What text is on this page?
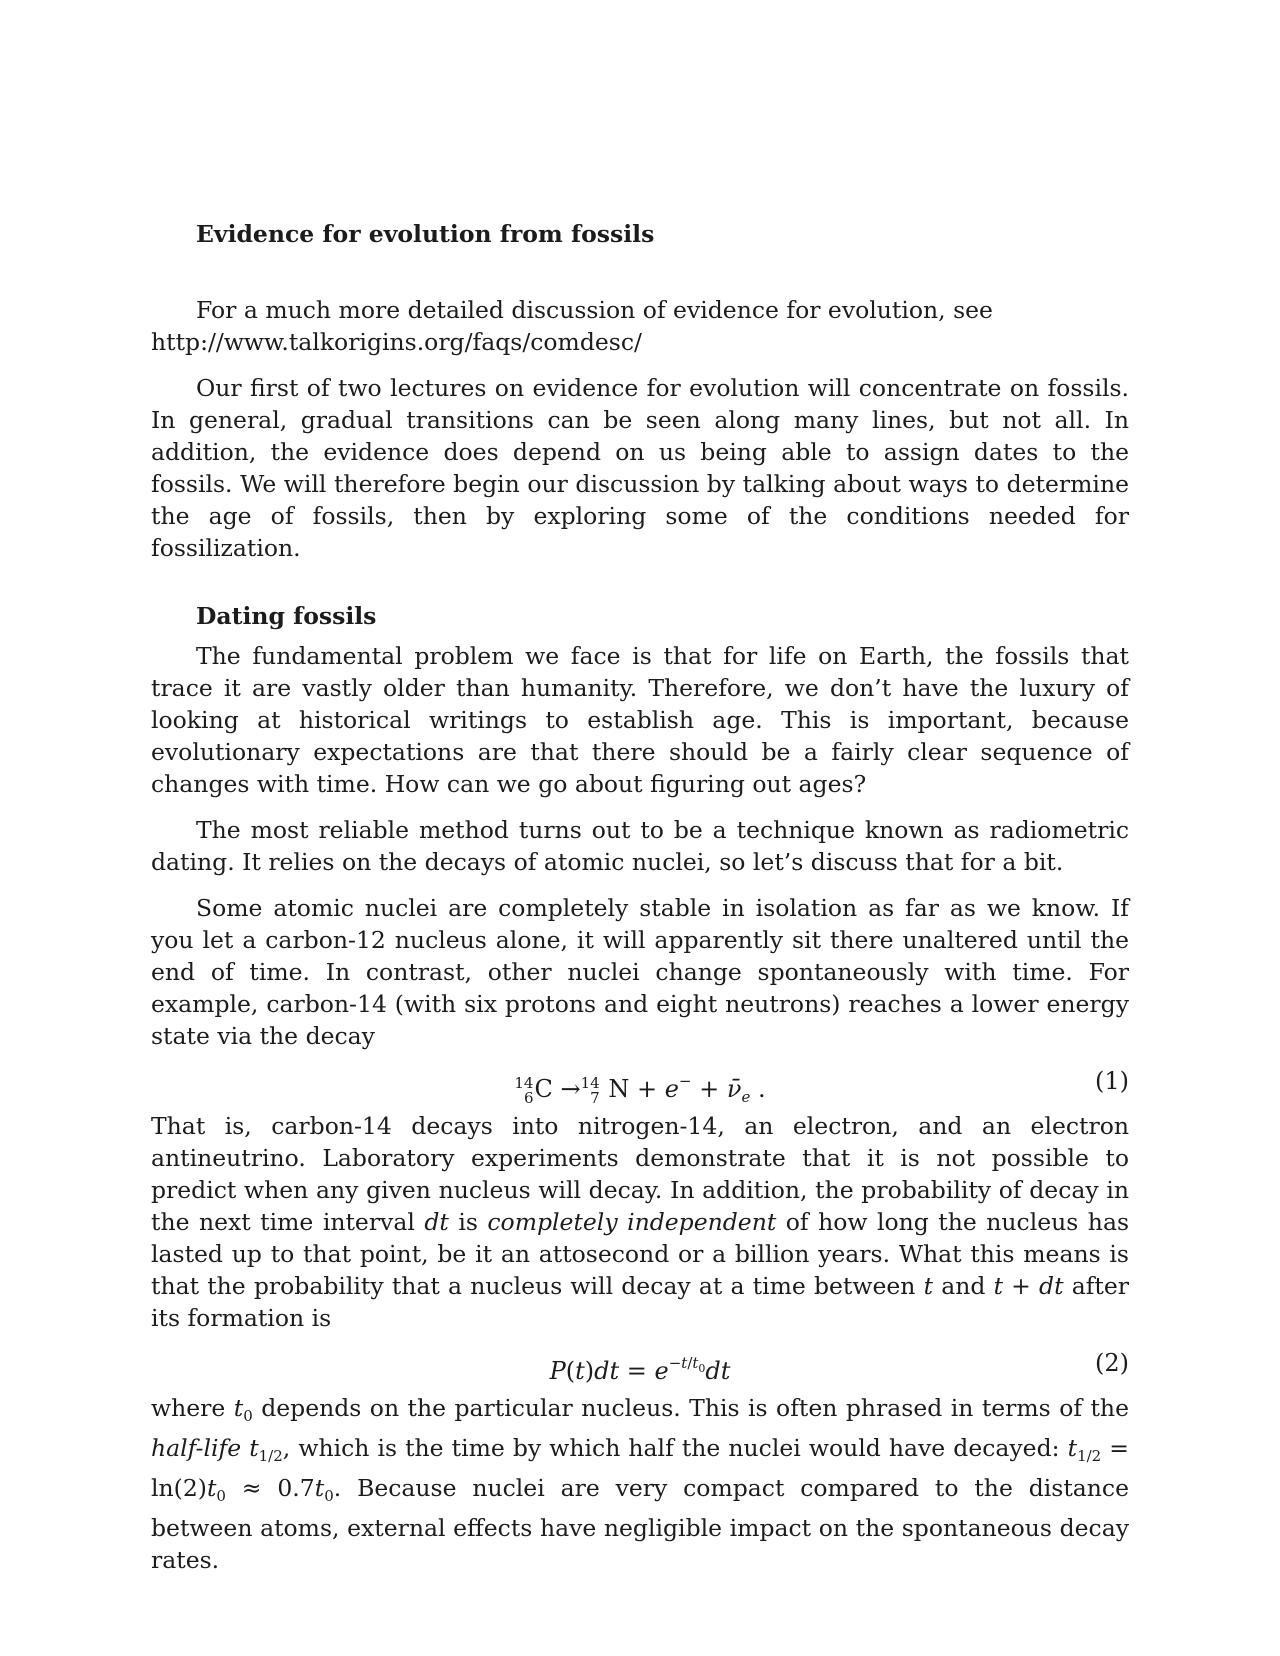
Evidence for evolution from fossils

For a much more detailed discussion of evidence for evolution, see

http://www.talkorigins.org/faqs/comdesc/

Our first of two lectures on evidence for evolution will concentrate on fossils. In general, gradual transitions can be seen along many lines, but not all. In addition, the evidence does depend on us being able to assign dates to the fossils. We will therefore begin our discussion by talking about ways to determine the age of fossils, then by exploring some of the conditions needed for fossilization.

Dating fossils

The fundamental problem we face is that for life on Earth, the fossils that trace it are vastly older than humanity. Therefore, we don’t have the luxury of looking at historical writings to establish age. This is important, because evolutionary expectations are that there should be a fairly clear sequence of changes with time. How can we go about figuring out ages?

The most reliable method turns out to be a technique known as radiometric dating. It relies on the decays of atomic nuclei, so let’s discuss that for a bit.

Some atomic nuclei are completely stable in isolation as far as we know. If you let a carbon-12 nucleus alone, it will apparently sit there unaltered until the end of time. In contrast, other nuclei change spontaneously with time. For example, carbon-14 (with six protons and eight neutrons) reaches a lower energy state via the decay

14
6 C → 14
7 $N + e^- + \nū_e$ .	(1)

That is, carbon-14 decays into nitrogen-14, an electron, and an electron antineutrino. Laboratory experiments demonstrate that it is not possible to predict when any given nucleus will decay. In addition, the probability of decay in the next time interval dt is completely independent of how long the nucleus has lasted up to that point, be it an attosecond or a billion years. What this means is that the probability that a nucleus will decay at a time between t and t + dt after its formation is

$P(t)dt = e^{-t/t_0}dt$	(2)

where $t_0$ depends on the particular nucleus. This is often phrased in terms of the half-life $t_{1/2}$, which is the time by which half the nuclei would have decayed: $t_{1/2} = \ln(2)t_0 \approx 0.7t_0$. Because nuclei are very compact compared to the distance between atoms, external effects have negligible impact on the spontaneous decay rates.
